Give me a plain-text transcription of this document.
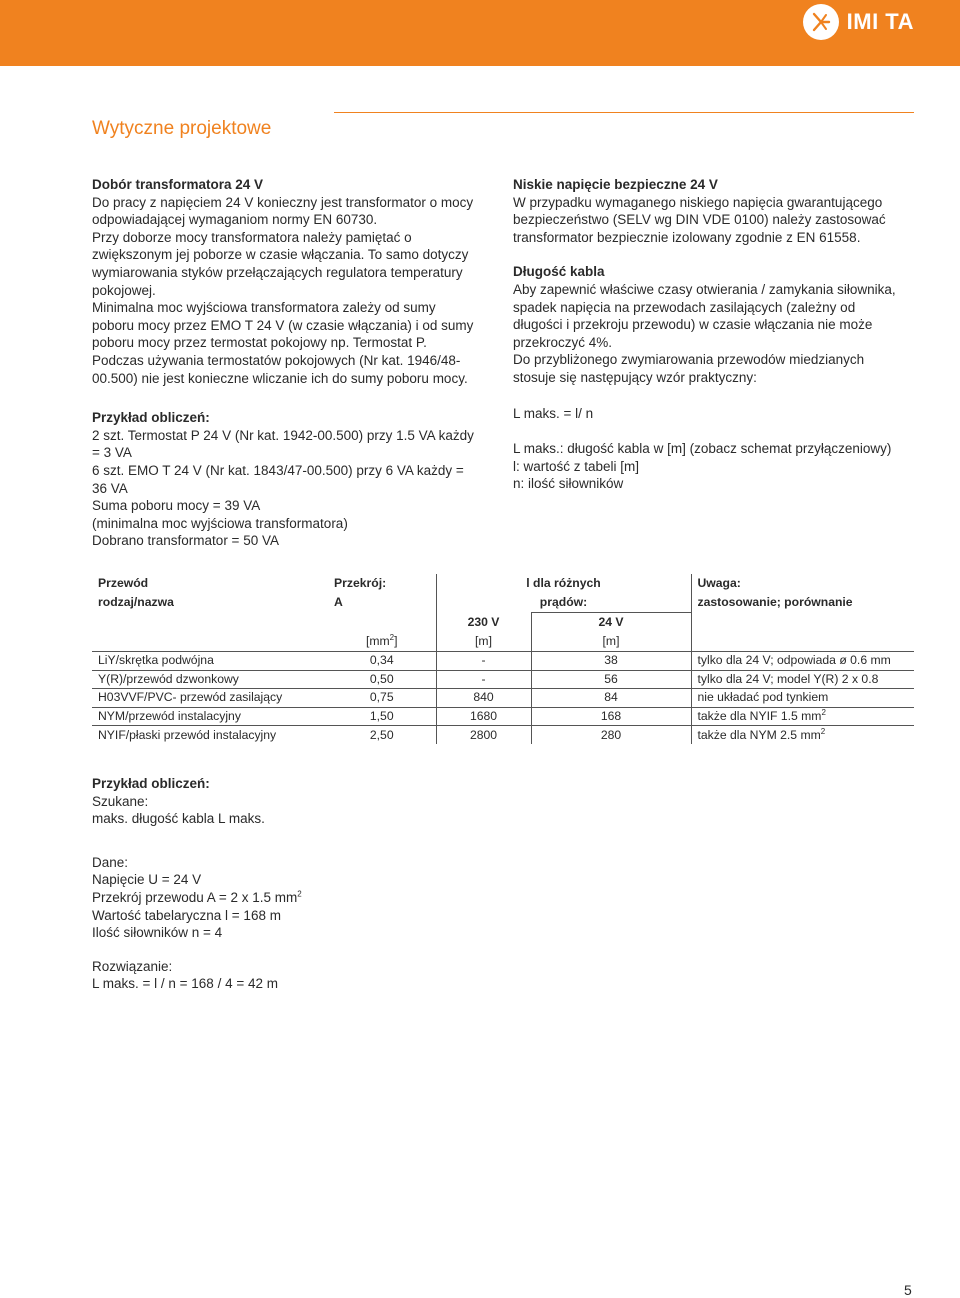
IMI TA
Wytyczne projektowe
Dobór transformatora 24 V
Do pracy z napięciem 24 V konieczny jest transformator o mocy
odpowiadającej wymaganiom normy EN 60730.
Przy doborze mocy transformatora należy pamiętać o
zwiększonym jej poborze w czasie włączania. To samo dotyczy
wymiarowania styków przełączających regulatora temperatury
pokojowej.
Minimalna moc wyjściowa transformatora zależy od sumy
poboru mocy przez EMO T 24 V (w czasie włączania) i od sumy
poboru mocy przez termostat pokojowy np. Termostat P.
Podczas używania termostatów pokojowych (Nr kat. 1946/48-
00.500) nie jest konieczne wliczanie ich do sumy poboru mocy.
Przykład obliczeń:
2 szt. Termostat P 24 V (Nr kat. 1942-00.500) przy 1.5 VA każdy
= 3 VA
6 szt. EMO T 24 V (Nr kat. 1843/47-00.500) przy 6 VA każdy =
36 VA
Suma poboru mocy = 39 VA
(minimalna moc wyjściowa transformatora)
Dobrano transformator = 50 VA
Niskie napięcie bezpieczne 24 V
W przypadku wymaganego niskiego napięcia gwarantującego
bezpieczeństwo (SELV wg DIN VDE 0100) należy zastosować
transformator bezpiecznie izolowany zgodnie z EN 61558.
Długość kabla
Aby zapewnić właściwe czasy otwierania / zamykania siłownika,
spadek napięcia na przewodach zasilających (zależny od
długości i przekroju przewodu) w czasie włączania nie może
przekroczyć 4%.
Do przybliżonego zwymiarowania przewodów miedzianych
stosuje się następujący wzór praktyczny:
L maks. = l/ n
L maks.: długość kabla w [m] (zobacz schemat przyłączeniowy)
l: wartość z tabeli [m]
n: ilość siłowników
Przewód
rodzaj/nazwa	Przekrój:
A	l dla różnych
prądów:		Uwaga:
zastosowanie; porównanie

		230 V	24 V	
	$[mm^2]$	[m]	[m]	
LiY/skrętka podwójna	0,34	-	38	tylko dla 24 V; odpowiada ø 0.6 mm
Y(R)/przewód dzwonkowy	0,50	-	56	tylko dla 24 V; model Y(R) 2 x 0.8
H03VVF/PVC- przewód zasilający	0,75	840	84	nie układać pod tynkiem
NYM/przewód instalacyjny	1,50	1680	168	także dla NYIF 1.5 $mm^2$
NYIF/płaski przewód instalacyjny	2,50	2800	280	także dla NYM 2.5 $mm^2$
Przykład obliczeń:
Szukane:
maks. długość kabla L maks.
Dane:
Napięcie U = 24 V
Przekrój przewodu A = 2 x 1.5 $mm^2$
Wartość tabelaryczna l = 168 m
Ilość siłowników n = 4
Rozwiązanie:
L maks. = l / n = 168 / 4 = 42 m
5
